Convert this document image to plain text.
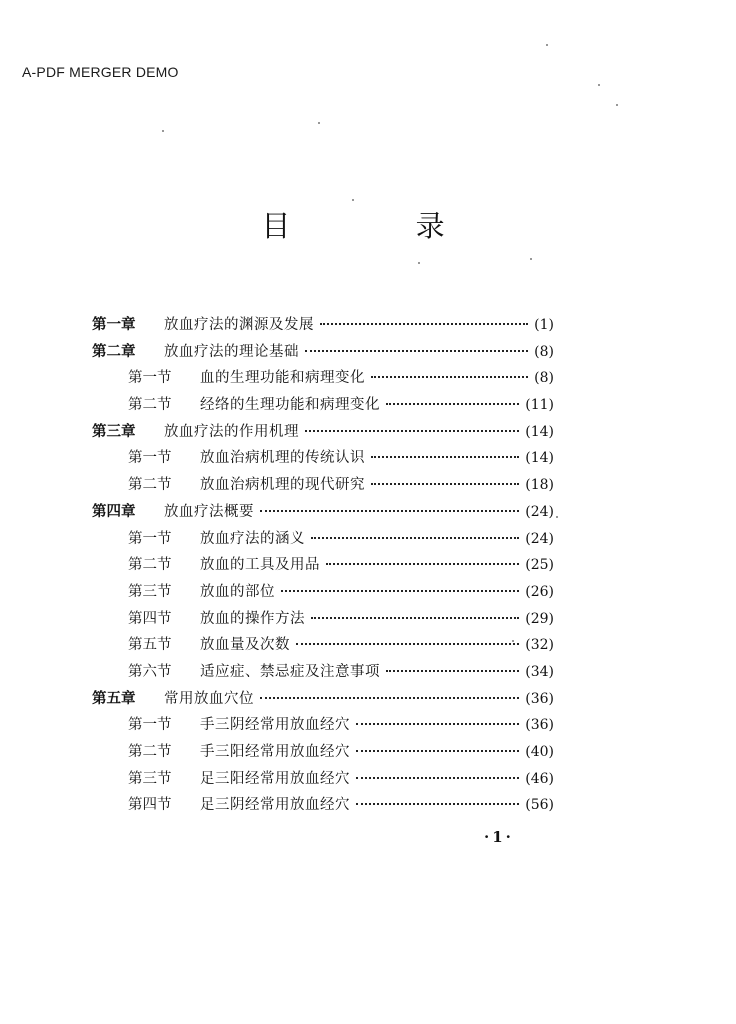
A-PDF MERGER DEMO
目 录
第一章	放血疗法的渊源及发展	(1)
第二章	放血疗法的理论基础	(8)
第一节	血的生理功能和病理变化	(8)
第二节	经络的生理功能和病理变化	(11)
第三章	放血疗法的作用机理	(14)
第一节	放血治病机理的传统认识	(14)
第二节	放血治病机理的现代研究	(18)
第四章	放血疗法概要	(24)
第一节	放血疗法的涵义	(24)
第二节	放血的工具及用品	(25)
第三节	放血的部位	(26)
第四节	放血的操作方法	(29)
第五节	放血量及次数	(32)
第六节	适应症、禁忌症及注意事项	(34)
第五章	常用放血穴位	(36)
第一节	手三阴经常用放血经穴	(36)
第二节	手三阳经常用放血经穴	(40)
第三节	足三阳经常用放血经穴	(46)
第四节	足三阴经常用放血经穴	(56)
·1·
